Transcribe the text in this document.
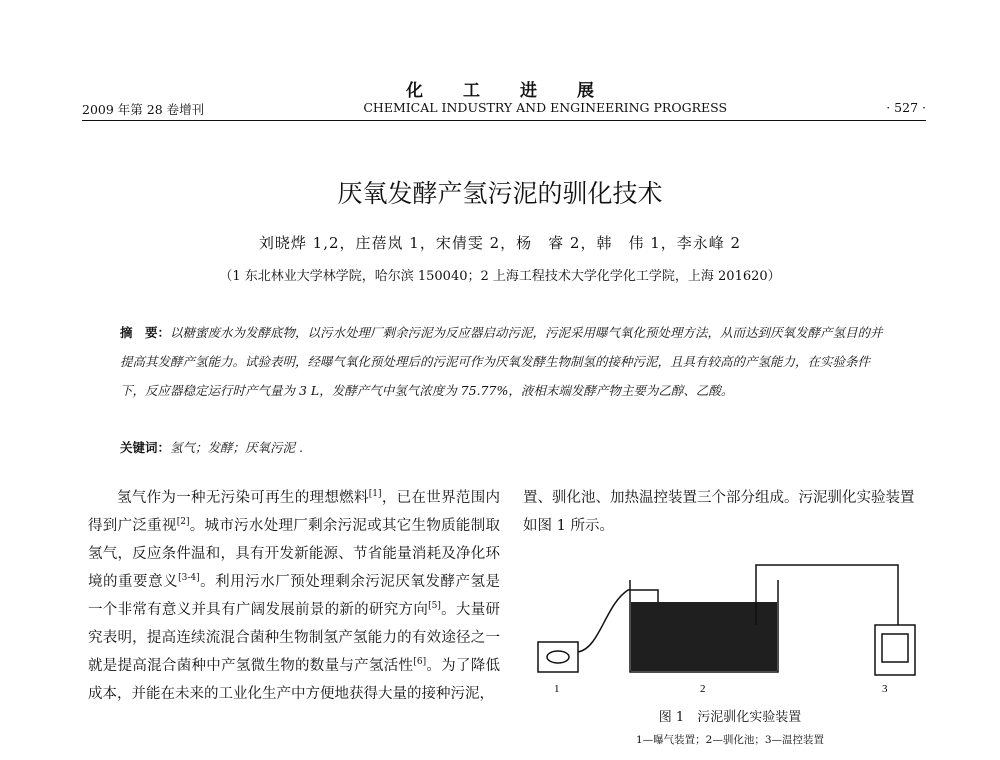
化工进展
2009 年第 28 卷增刊	CHEMICAL INDUSTRY AND ENGINEERING PROGRESS	· 527 ·
厌氧发酵产氢污泥的驯化技术
刘晓烨 1,2，庄蓓岚 1，宋倩雯 2，杨　睿 2，韩　伟 1，李永峰 2
（1 东北林业大学林学院，哈尔滨 150040；2 上海工程技术大学化学化工学院，上海 201620）
摘　要：以糖蜜废水为发酵底物，以污水处理厂剩余污泥为反应器启动污泥，污泥采用曝气氧化预处理方法，从而达到厌氧发酵产氢目的并提高其发酵产氢能力。试验表明，经曝气氧化预处理后的污泥可作为厌氧发酵生物制氢的接种污泥，且具有较高的产氢能力，在实验条件下，反应器稳定运行时产气量为 3 L，发酵产气中氢气浓度为 75.77%，液相末端发酵产物主要为乙醇、乙酸。
关键词：氢气；发酵；厌氧污泥 .

氢气作为一种无污染可再生的理想燃料[1]，已在世界范围内得到广泛重视[2]。城市污水处理厂剩余污泥或其它生物质能制取氢气，反应条件温和，具有开发新能源、节省能量消耗及净化环境的重要意义[3-4]。利用污水厂预处理剩余污泥厌氧发酵产氢是一个非常有意义并具有广阔发展前景的新的研究方向[5]。大量研究表明，提高连续流混合菌种生物制氢产氢能力的有效途径之一就是提高混合菌种中产氢微生物的数量与产氢活性[6]。为了降低成本，并能在未来的工业化生产中方便地获得大量的接种污泥，

置、驯化池、加热温控装置三个部分组成。污泥驯化实验装置如图 1 所示。

1	2	3
图 1　污泥驯化实验装置
1—曝气装置；2—驯化池；3—温控装置
